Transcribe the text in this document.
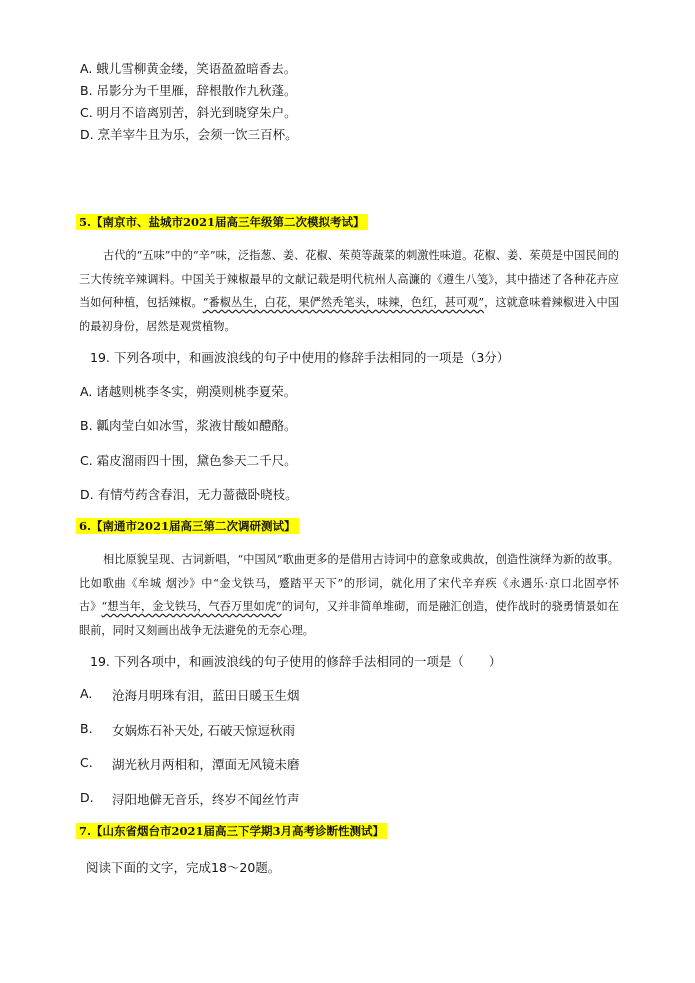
A. 蛾儿雪柳黄金缕，笑语盈盈暗香去。
B. 吊影分为千里雁，辞根散作九秋蓬。
C. 明月不谙离别苦，斜光到晓穿朱户。
D. 烹羊宰牛且为乐，会须一饮三百杯。
5.【南京市、盐城市2021届高三年级第二次模拟考试】
古代的“五味”中的“辛”味，泛指葱、姜、花椒、茱萸等蔬菜的刺激性味道。花椒、姜、茱萸是中国民间的三大传统辛辣调料。中国关于辣椒最早的文献记载是明代杭州人高濂的《遵生八笺》，其中描述了各种花卉应当如何种植，包括辣椒。“番椒丛生，白花，果俨然秃笔头，味辣，色红，甚可观”，这就意味着辣椒进入中国的最初身份，居然是观赏植物。
19. 下列各项中，和画波浪线的句子中使用的修辞手法相同的一项是（3分）
A. 诸越则桃李冬实，朔漠则桃李夏荣。
B. 瓤肉莹白如冰雪，浆液甘酸如醴酪。
C. 霜皮溜雨四十围，黛色参天二千尺。
D. 有情芍药含春泪，无力蔷薇卧晓枝。
6.【南通市2021届高三第二次调研测试】
相比原貌呈现、古词新唱，“中国风”歌曲更多的是借用古诗词中的意象或典故，创造性演绎为新的故事。比如歌曲《牟城 烟沙》中“金戈铁马，蹙踏平天下”的形词，就化用了宋代辛弃疾《永遇乐·京口北固亭怀古》“想当年，金戈铁马，气吞万里如虎”的词句，又并非简单堆砌，而是融汇创造，使作战时的骁勇情景如在眼前，同时又刻画出战争无法避免的无奈心理。
19. 下列各项中，和画波浪线的句子使用的修辞手法相同的一项是（　　）
A. 沧海月明珠有泪，蓝田日暖玉生烟
B. 女娲炼石补天处, 石破天惊逗秋雨
C. 湖光秋月两相和，潭面无风镜未磨
D. 浔阳地僻无音乐，终岁不闻丝竹声
7.【山东省烟台市2021届高三下学期3月高考诊断性测试】
阅读下面的文字，完成18～20题。
